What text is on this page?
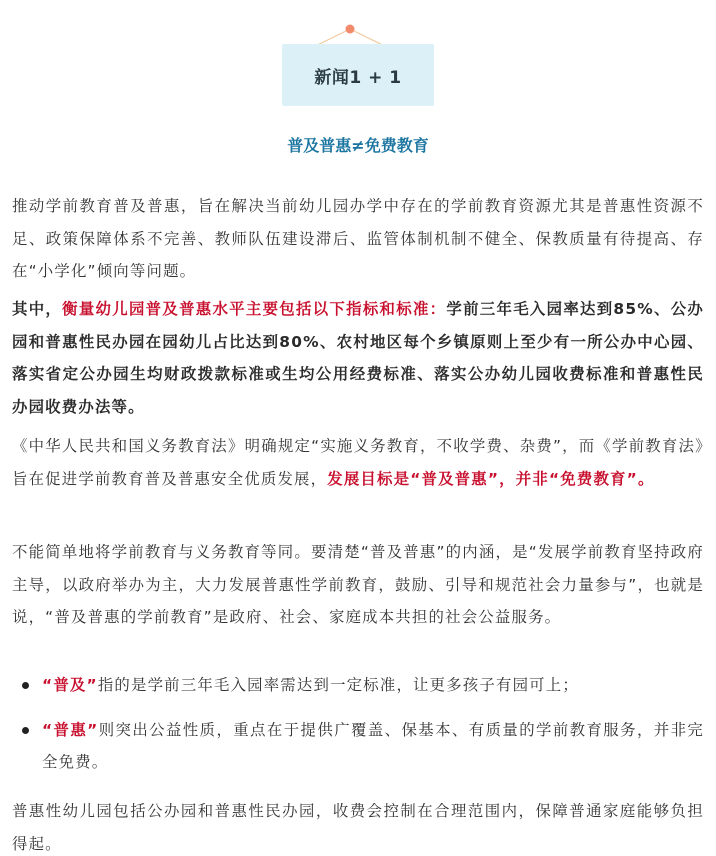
新闻1 + 1
普及普惠≠免费教育

推动学前教育普及普惠，旨在解决当前幼儿园办学中存在的学前教育资源尤其是普惠性资源不足、政策保障体系不完善、教师队伍建设滞后、监管体制机制不健全、保教质量有待提高、存在“小学化”倾向等问题。

其中，衡量幼儿园普及普惠水平主要包括以下指标和标准：学前三年毛入园率达到85%、公办园和普惠性民办园在园幼儿占比达到80%、农村地区每个乡镇原则上至少有一所公办中心园、落实省定公办园生均财政拨款标准或生均公用经费标准、落实公办幼儿园收费标准和普惠性民办园收费办法等。

《中华人民共和国义务教育法》明确规定“实施义务教育，不收学费、杂费”，而《学前教育法》旨在促进学前教育普及普惠安全优质发展，发展目标是“普及普惠”，并非“免费教育”。

不能简单地将学前教育与义务教育等同。要清楚“普及普惠”的内涵，是“发展学前教育坚持政府主导，以政府举办为主，大力发展普惠性学前教育，鼓励、引导和规范社会力量参与”，也就是说，“普及普惠的学前教育”是政府、社会、家庭成本共担的社会公益服务。

“普及”指的是学前三年毛入园率需达到一定标准，让更多孩子有园可上；
“普惠”则突出公益性质，重点在于提供广覆盖、保基本、有质量的学前教育服务，并非完全免费。

普惠性幼儿园包括公办园和普惠性民办园，收费会控制在合理范围内，保障普通家庭能够负担得起。
